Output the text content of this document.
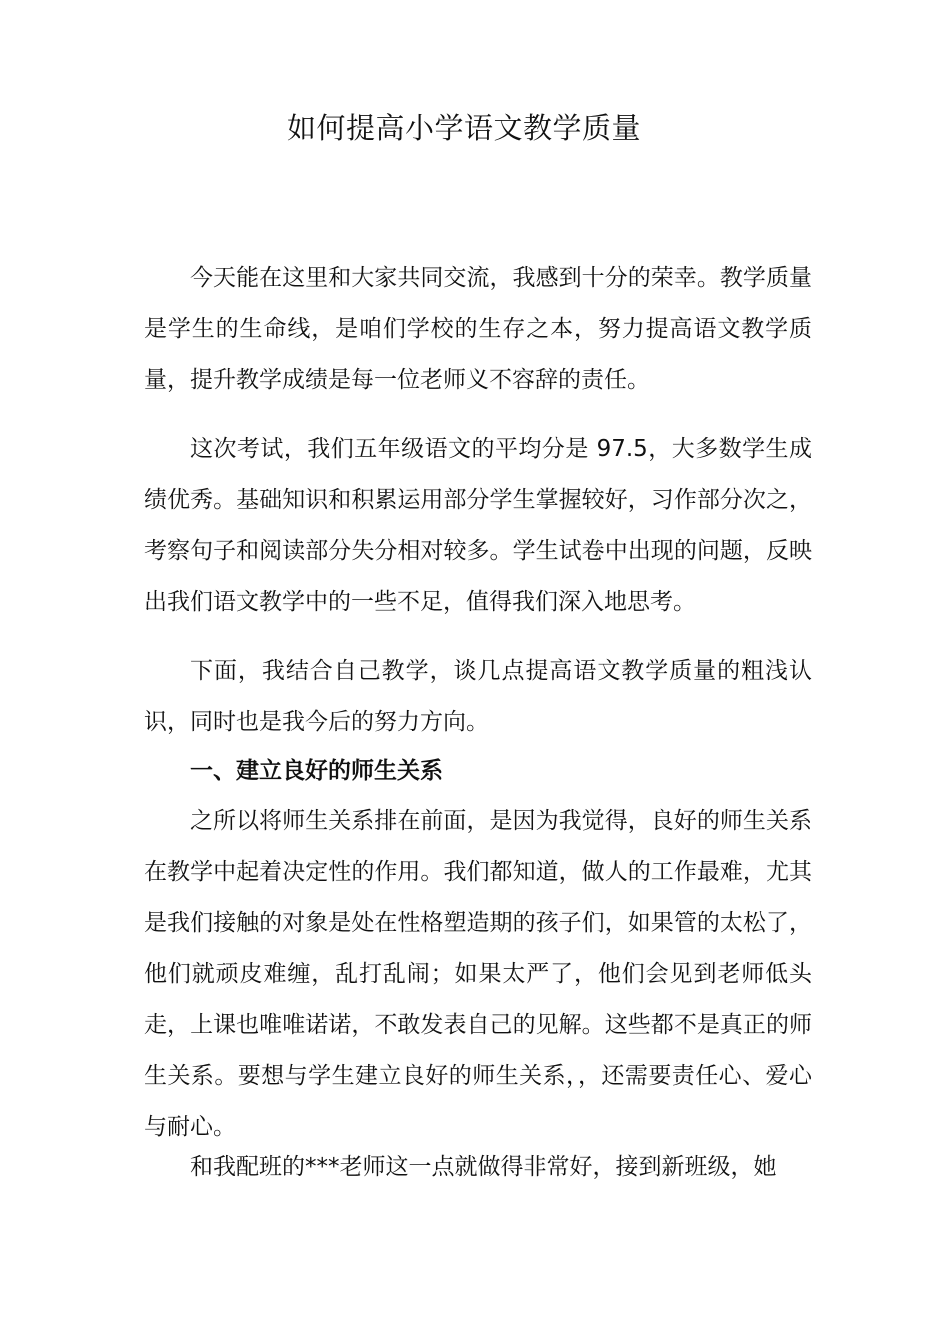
如何提高小学语文教学质量

今天能在这里和大家共同交流，我感到十分的荣幸。教学质量是学生的生命线，是咱们学校的生存之本，努力提高语文教学质量，提升教学成绩是每一位老师义不容辞的责任。

这次考试，我们五年级语文的平均分是 97.5，大多数学生成绩优秀。基础知识和积累运用部分学生掌握较好，习作部分次之，考察句子和阅读部分失分相对较多。学生试卷中出现的问题，反映出我们语文教学中的一些不足，值得我们深入地思考。

下面，我结合自己教学，谈几点提高语文教学质量的粗浅认识，同时也是我今后的努力方向。

一、建立良好的师生关系

之所以将师生关系排在前面，是因为我觉得，良好的师生关系在教学中起着决定性的作用。我们都知道，做人的工作最难，尤其是我们接触的对象是处在性格塑造期的孩子们，如果管的太松了，他们就顽皮难缠，乱打乱闹；如果太严了，他们会见到老师低头走，上课也唯唯诺诺，不敢发表自己的见解。这些都不是真正的师生关系。要想与学生建立良好的师生关系，，还需要责任心、爱心与耐心。

和我配班的***老师这一点就做得非常好，接到新班级，她
